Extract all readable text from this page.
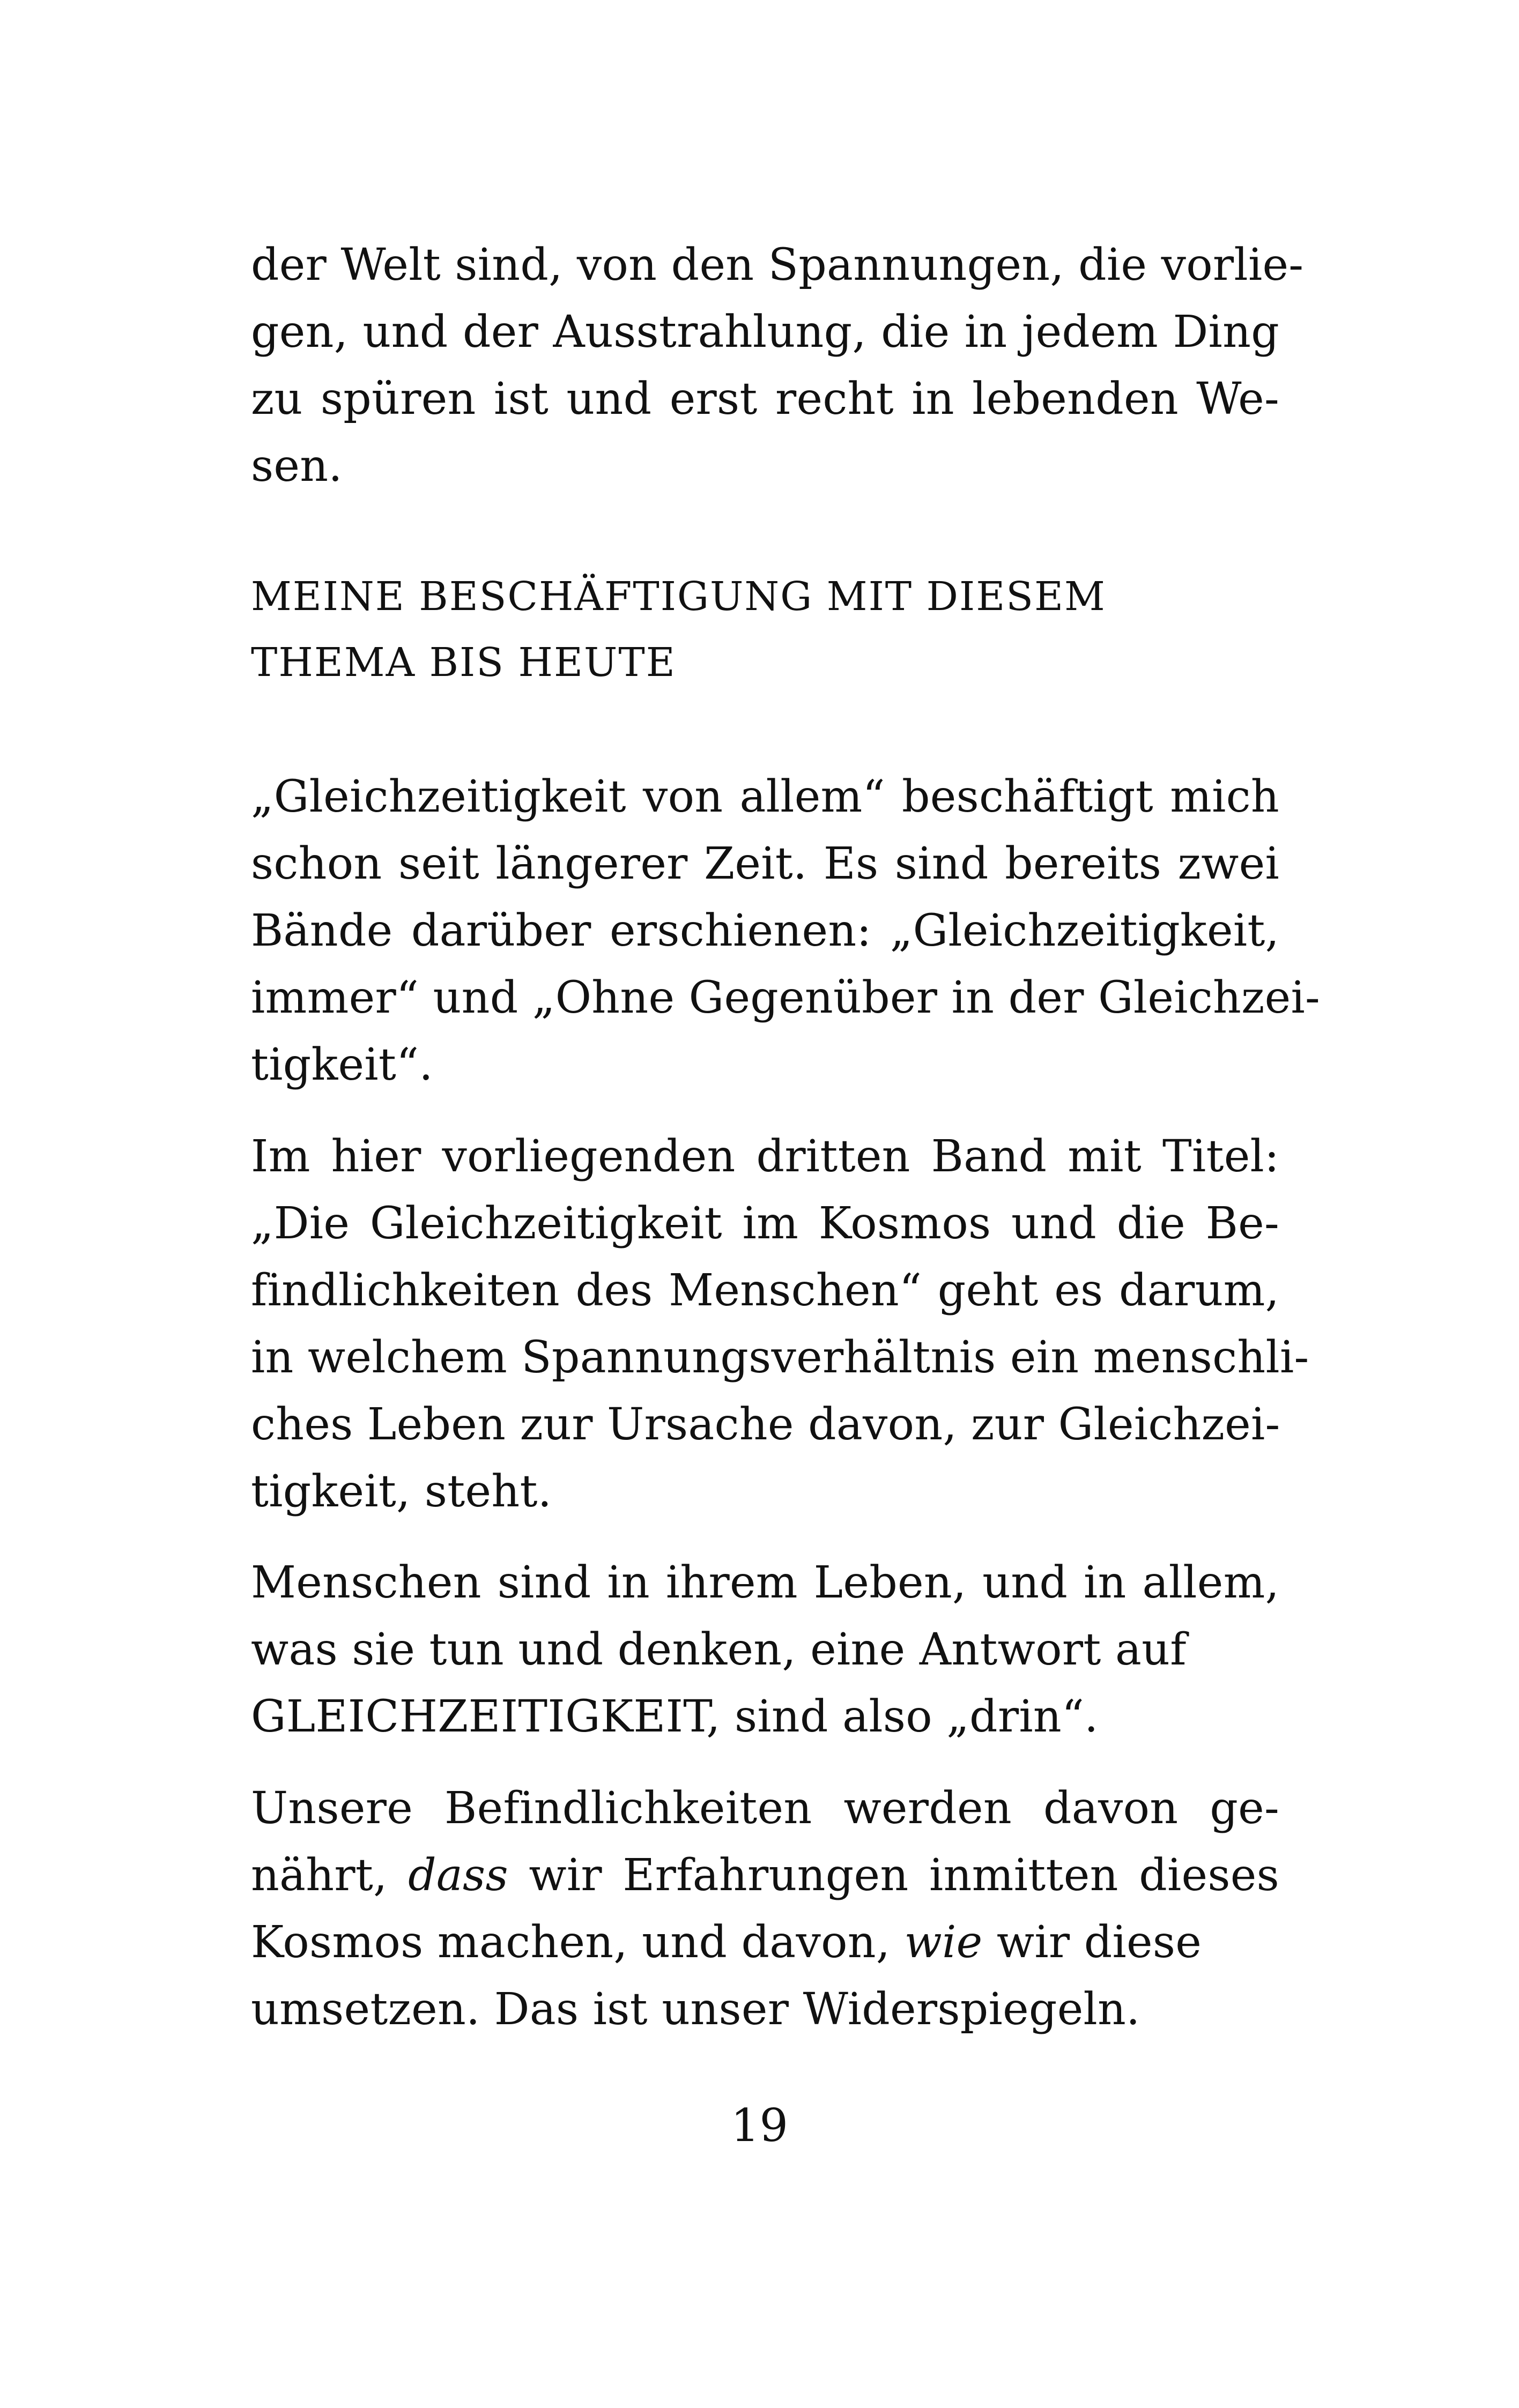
der Welt sind, von den Spannungen, die vorlie-

gen, und der Ausstrahlung, die in jedem Ding

zu spüren ist und erst recht in lebenden We-

sen.

MEINE BESCHÄFTIGUNG MIT DIESEM

THEMA BIS HEUTE

„Gleichzeitigkeit von allem“ beschäftigt mich

schon seit längerer Zeit. Es sind bereits zwei

Bände darüber erschienen: „Gleichzeitigkeit,

immer“ und „Ohne Gegenüber in der Gleichzei-

tigkeit“.

Im hier vorliegenden dritten Band mit Titel:

„Die Gleichzeitigkeit im Kosmos und die Be-

findlichkeiten des Menschen“ geht es darum,

in welchem Spannungsverhältnis ein menschli-

ches Leben zur Ursache davon, zur Gleichzei-

tigkeit, steht.

Menschen sind in ihrem Leben, und in allem,

was sie tun und denken, eine Antwort auf

GLEICHZEITIGKEIT, sind also „drin“.

Unsere Befindlichkeiten werden davon ge-

nährt, dass wir Erfahrungen inmitten dieses

Kosmos machen, und davon, wie wir diese

umsetzen. Das ist unser Widerspiegeln.

19
